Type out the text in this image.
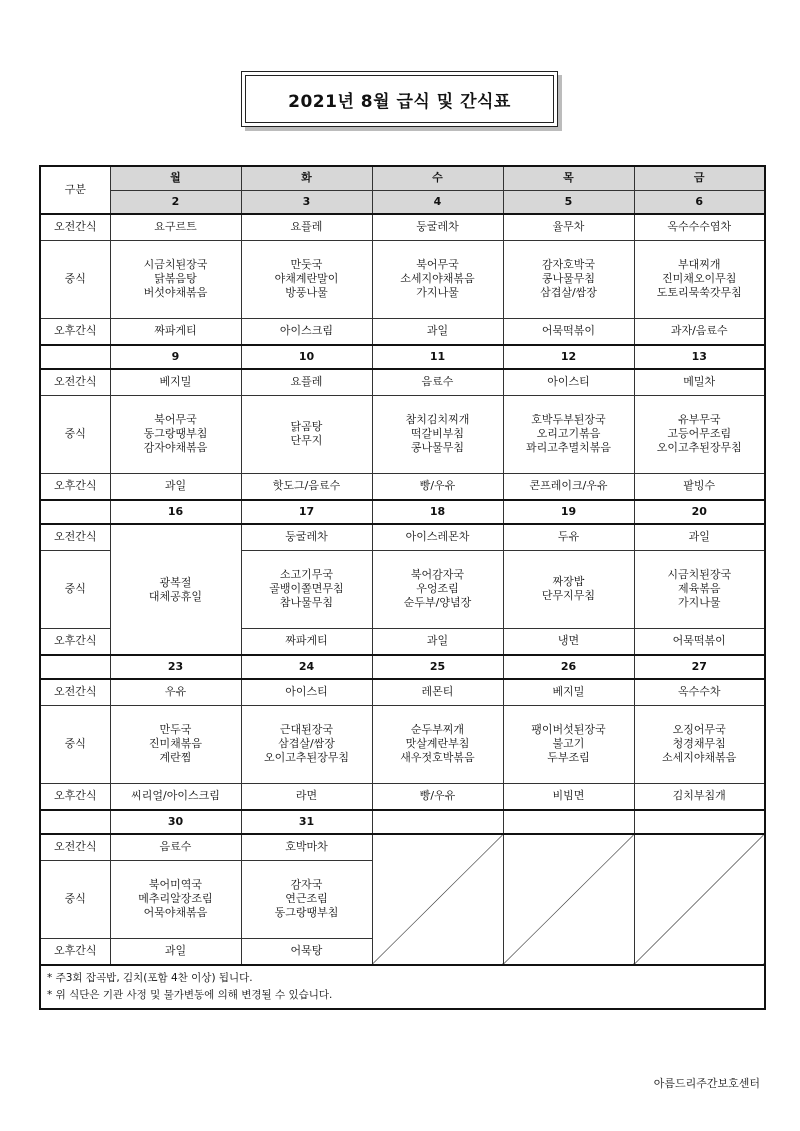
2021년 8월 급식 및 간식표
구분	월	화	수	목	금
	2	3	4	5	6
오전간식	요구르트	요플레	둥굴레차	율무차	옥수수수염차
중식	시금치된장국
닭볶음탕
버섯야채볶음	만둣국
야채계란말이
방풍나물	북어무국
소세지야채볶음
가지나물	감자호박국
콩나물무침
삼겹살/쌈장	부대찌개
진미채오이무침
도토리묵쑥갓무침
오후간식	짜파게티	아이스크림	과일	어묵떡볶이	과자/음료수
	9	10	11	12	13
오전간식	베지밀	요플레	음료수	아이스티	메밀차
중식	북어무국
동그랑땡부침
감자야채볶음	닭곰탕
단무지	참치김치찌개
떡갈비부침
콩나물무침	호박두부된장국
오리고기볶음
꽈리고추멸치볶음	유부무국
고등어무조림
오이고추된장무침
오후간식	과일	핫도그/음료수	빵/우유	콘프레이크/우유	팥빙수
	16	17	18	19	20
오전간식	광복절
대체공휴일	둥굴레차	아이스레몬차	두유	과일
중식		소고기무국
골뱅이쫄면무침
참나물무침	북어감자국
우엉조림
순두부/양념장	짜장밥
단무지무침	시금치된장국
제육볶음
가지나물
오후간식		짜파게티	과일	냉면	어묵떡볶이
	23	24	25	26	27
오전간식	우유	아이스티	레몬티	베지밀	옥수수차
중식	만두국
진미채볶음
계란찜	근대된장국
삼겹살/쌈장
오이고추된장무침	순두부찌개
맛살계란부침
새우젓호박볶음	팽이버섯된장국
불고기
두부조림	오징어무국
청경채무침
소세지야채볶음
오후간식	씨리얼/아이스크림	라면	빵/우유	비빔면	김치부침개
	30	31			
오전간식	음료수	호박마차			
중식	북어미역국
메추리알장조림
어묵야채볶음	감자국
연근조림
동그랑땡부침			
오후간식	과일	어묵탕			

* 주3회 잡곡밥, 김치(포함 4찬 이상) 됩니다.
* 위 식단은 기관 사정 및 물가변동에 의해 변경될 수 있습니다.					
아름드리주간보호센터
